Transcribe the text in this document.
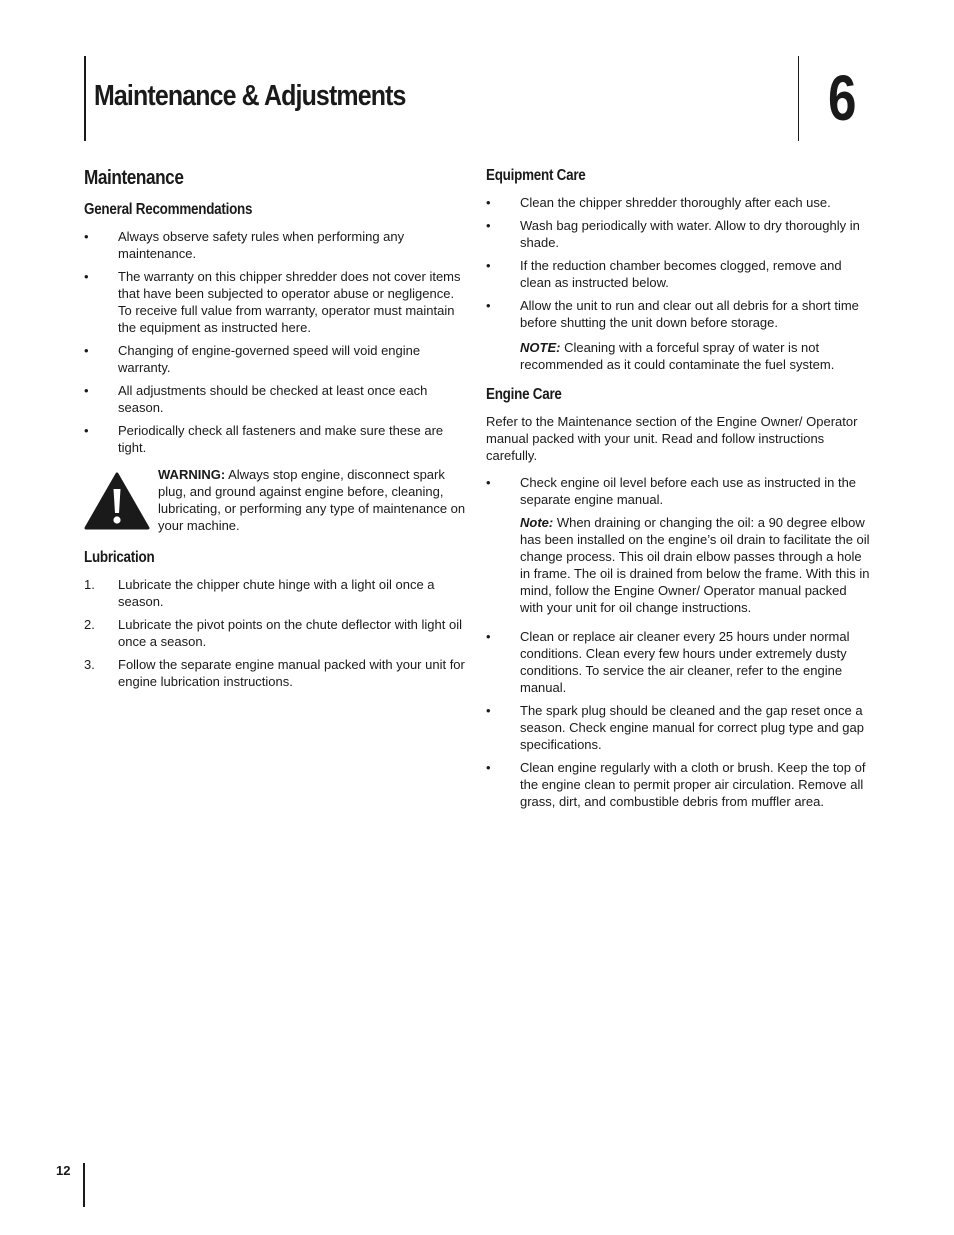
Maintenance & Adjustments	6
Maintenance
General Recommendations
• Always observe safety rules when performing any maintenance.
• The warranty on this chipper shredder does not cover items that have been subjected to operator abuse or negligence. To receive full value from warranty, operator must maintain the equipment as instructed here.
• Changing of engine-governed speed will void engine warranty.
• All adjustments should be checked at least once each season.
• Periodically check all fasteners and make sure these are tight.
WARNING: Always stop engine, disconnect spark plug, and ground against engine before, cleaning, lubricating, or performing any type of maintenance on your machine.
Lubrication
1. Lubricate the chipper chute hinge with a light oil once a season.
2. Lubricate the pivot points on the chute deflector with light oil once a season.
3. Follow the separate engine manual packed with your unit for engine lubrication instructions.
Equipment Care
• Clean the chipper shredder thoroughly after each use.
• Wash bag periodically with water. Allow to dry thoroughly in shade.
• If the reduction chamber becomes clogged, remove and clean as instructed below.
• Allow the unit to run and clear out all debris for a short time before shutting the unit down before storage.

NOTE: Cleaning with a forceful spray of water is not recommended as it could contaminate the fuel system.

Engine Care

Refer to the Maintenance section of the Engine Owner/ Operator manual packed with your unit. Read and follow instructions carefully.

• Check engine oil level before each use as instructed in the separate engine manual.

Note: When draining or changing the oil: a 90 degree elbow has been installed on the engine’s oil drain to facilitate the oil change process. This oil drain elbow passes through a hole in frame. The oil is drained from below the frame. With this in mind, follow the Engine Owner/ Operator manual packed with your unit for oil change instructions.

• Clean or replace air cleaner every 25 hours under normal conditions. Clean every few hours under extremely dusty conditions. To service the air cleaner, refer to the engine manual.
• The spark plug should be cleaned and the gap reset once a season. Check engine manual for correct plug type and gap specifications.
• Clean engine regularly with a cloth or brush. Keep the top of the engine clean to permit proper air circulation. Remove all grass, dirt, and combustible debris from muffler area.
12
